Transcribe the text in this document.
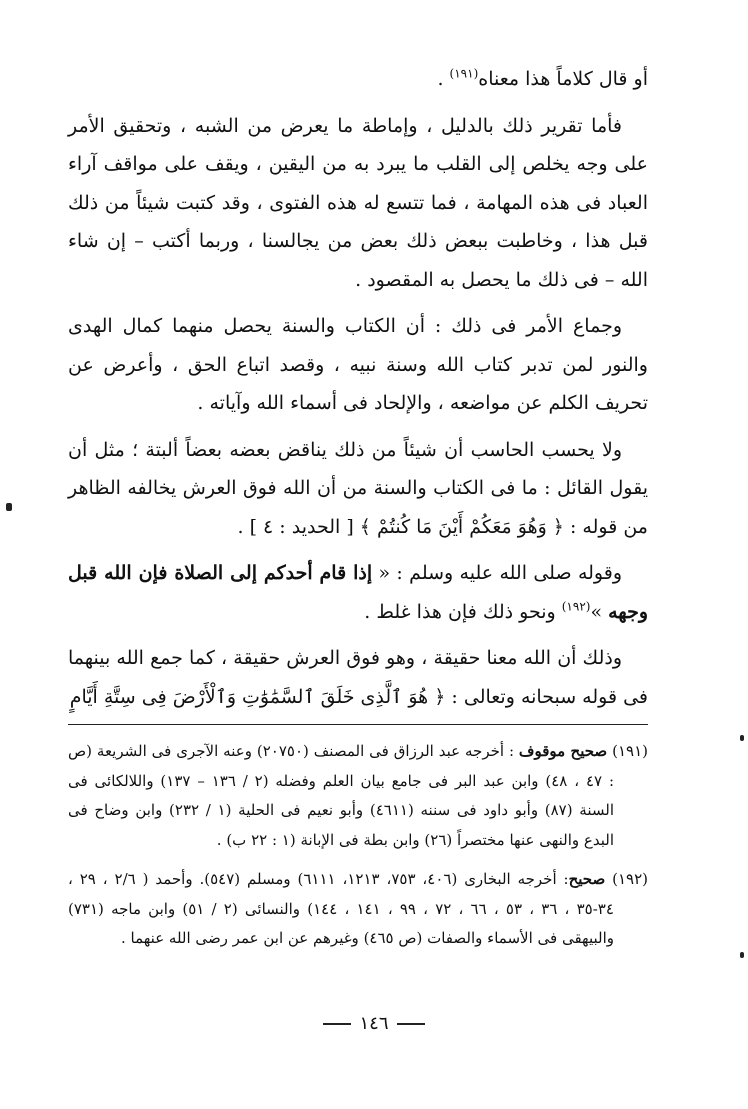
أو قال كلاماً هذا معناه$^{(١٩١)}$ .

فأما تقرير ذلك بالدليل ، وإماطة ما يعرض من الشبه ، وتحقيق الأمر على وجه يخلص إلى القلب ما يبرد به من اليقين ، ويقف على مواقف آراء العباد فى هذه المهامة ، فما تتسع له هذه الفتوى ، وقد كتبت شيئاً من ذلك قبل هذا ، وخاطبت ببعض ذلك بعض من يجالسنا ، وربما أكتب – إن شاء الله – فى ذلك ما يحصل به المقصود .

وجماع الأمر فى ذلك : أن الكتاب والسنة يحصل منهما كمال الهدى والنور لمن تدبر كتاب الله وسنة نبيه ، وقصد اتباع الحق ، وأعرض عن تحريف الكلم عن مواضعه ، والإلحاد فى أسماء الله وآياته .

ولا يحسب الحاسب أن شيئاً من ذلك يناقض بعضه بعضاً ألبتة ؛ مثل أن يقول القائل : ما فى الكتاب والسنة من أن الله فوق العرش يخالفه الظاهر من قوله : ﴿ وَهُوَ مَعَكُمْ أَيْنَ مَا كُنتُمْ ﴾ [ الحديد : ٤ ] .

وقوله صلى الله عليه وسلم : « إذا قام أحدكم إلى الصلاة فإن الله قبل وجهه »$^{(١٩٢)}$ ونحو ذلك فإن هذا غلط .

وذلك أن الله معنا حقيقة ، وهو فوق العرش حقيقة ، كما جمع الله بينهما فى قوله سبحانه وتعالى : ﴿ هُوَ ٱلَّذِى خَلَقَ ٱلسَّمَٰوَٰتِ وَٱلْأَرْضَ فِى سِتَّةِ أَيَّامٍ

(١٩١) صحيح موقوف : أخرجه عبد الرزاق فى المصنف (٢٠٧٥٠) وعنه الآجرى فى الشريعة (ص : ٤٧ ، ٤٨) وابن عبد البر فى جامع بيان العلم وفضله (٢ / ١٣٦ – ١٣٧) واللالكائى فى السنة (٨٧) وأبو داود فى سننه (٤٦١١) وأبو نعيم فى الحلية (١ / ٢٣٢) وابن وضاح فى البدع والنهى عنها مختصراً (٢٦) وابن بطة فى الإبانة (١ : ٢٢ ب) .
(١٩٢) صحيح: أخرجه البخارى (٤٠٦، ٧٥٣، ١٢١٣، ٦١١١) ومسلم (٥٤٧). وأحمد ( ٢/٦ ، ٢٩ ، ٣٤-٣٥ ، ٣٦ ، ٥٣ ، ٦٦ ، ٧٢ ، ٩٩ ، ١٤١ ، ١٤٤) والنسائى (٢ / ٥١) وابن ماجه (٧٣١) والبيهقى فى الأسماء والصفات (ص ٤٦٥) وغيرهم عن ابن عمر رضى الله عنهما .
١٤٦
